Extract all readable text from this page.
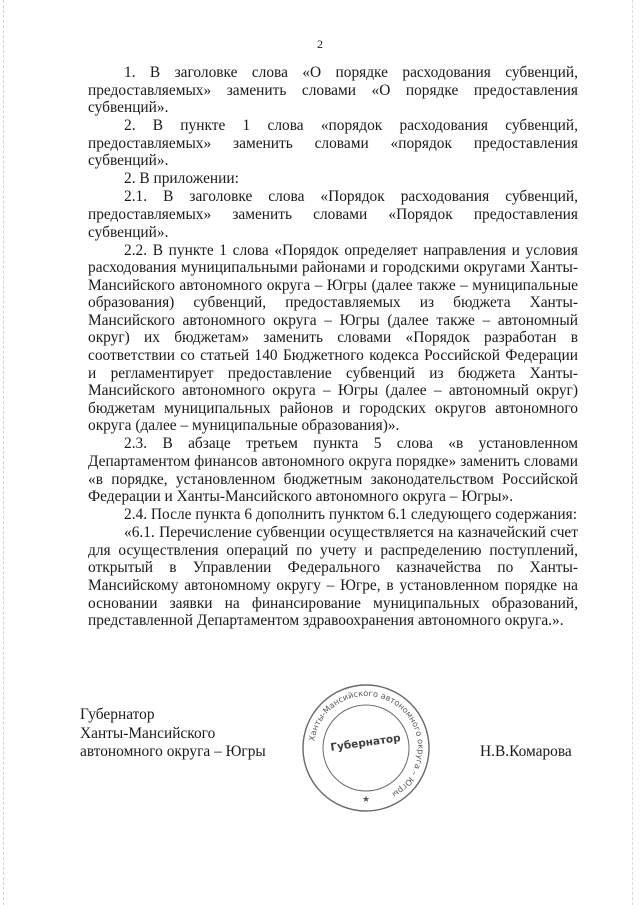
2

1. В заголовке слова «О порядке расходования субвенций, предоставляемых» заменить словами «О порядке предоставления субвенций».

2. В пункте 1 слова «порядок расходования субвенций, предоставляемых» заменить словами «порядок предоставления субвенций».

2. В приложении:

2.1. В заголовке слова «Порядок расходования субвенций, предоставляемых» заменить словами «Порядок предоставления субвенций».

2.2. В пункте 1 слова «Порядок определяет направления и условия расходования муниципальными районами и городскими округами Ханты-Мансийского автономного округа – Югры (далее также – муниципальные образования) субвенций, предоставляемых из бюджета Ханты-Мансийского автономного округа – Югры (далее также – автономный округ) их бюджетам» заменить словами «Порядок разработан в соответствии со статьей 140 Бюджетного кодекса Российской Федерации и регламентирует предоставление субвенций из бюджета Ханты-Мансийского автономного округа – Югры (далее – автономный округ) бюджетам муниципальных районов и городских округов автономного округа (далее – муниципальные образования)».

2.3. В абзаце третьем пункта 5 слова «в установленном Департаментом финансов автономного округа порядке» заменить словами «в порядке, установленном бюджетным законодательством Российской Федерации и Ханты-Мансийского автономного округа – Югры».

2.4. После пункта 6 дополнить пунктом 6.1 следующего содержания:

«6.1. Перечисление субвенции осуществляется на казначейский счет для осуществления операций по учету и распределению поступлений, открытый в Управлении Федерального казначейства по Ханты-Мансийскому автономному округу – Югре, в установленном порядке на основании заявки на финансирование муниципальных образований, представленной Департаментом здравоохранения автономного округа.».

Губернатор
Ханты-Мансийского
автономного округа – Югры	Н.В.Комарова
Ханты-Мансийского автономного округа – Югры
Губернатор
★
